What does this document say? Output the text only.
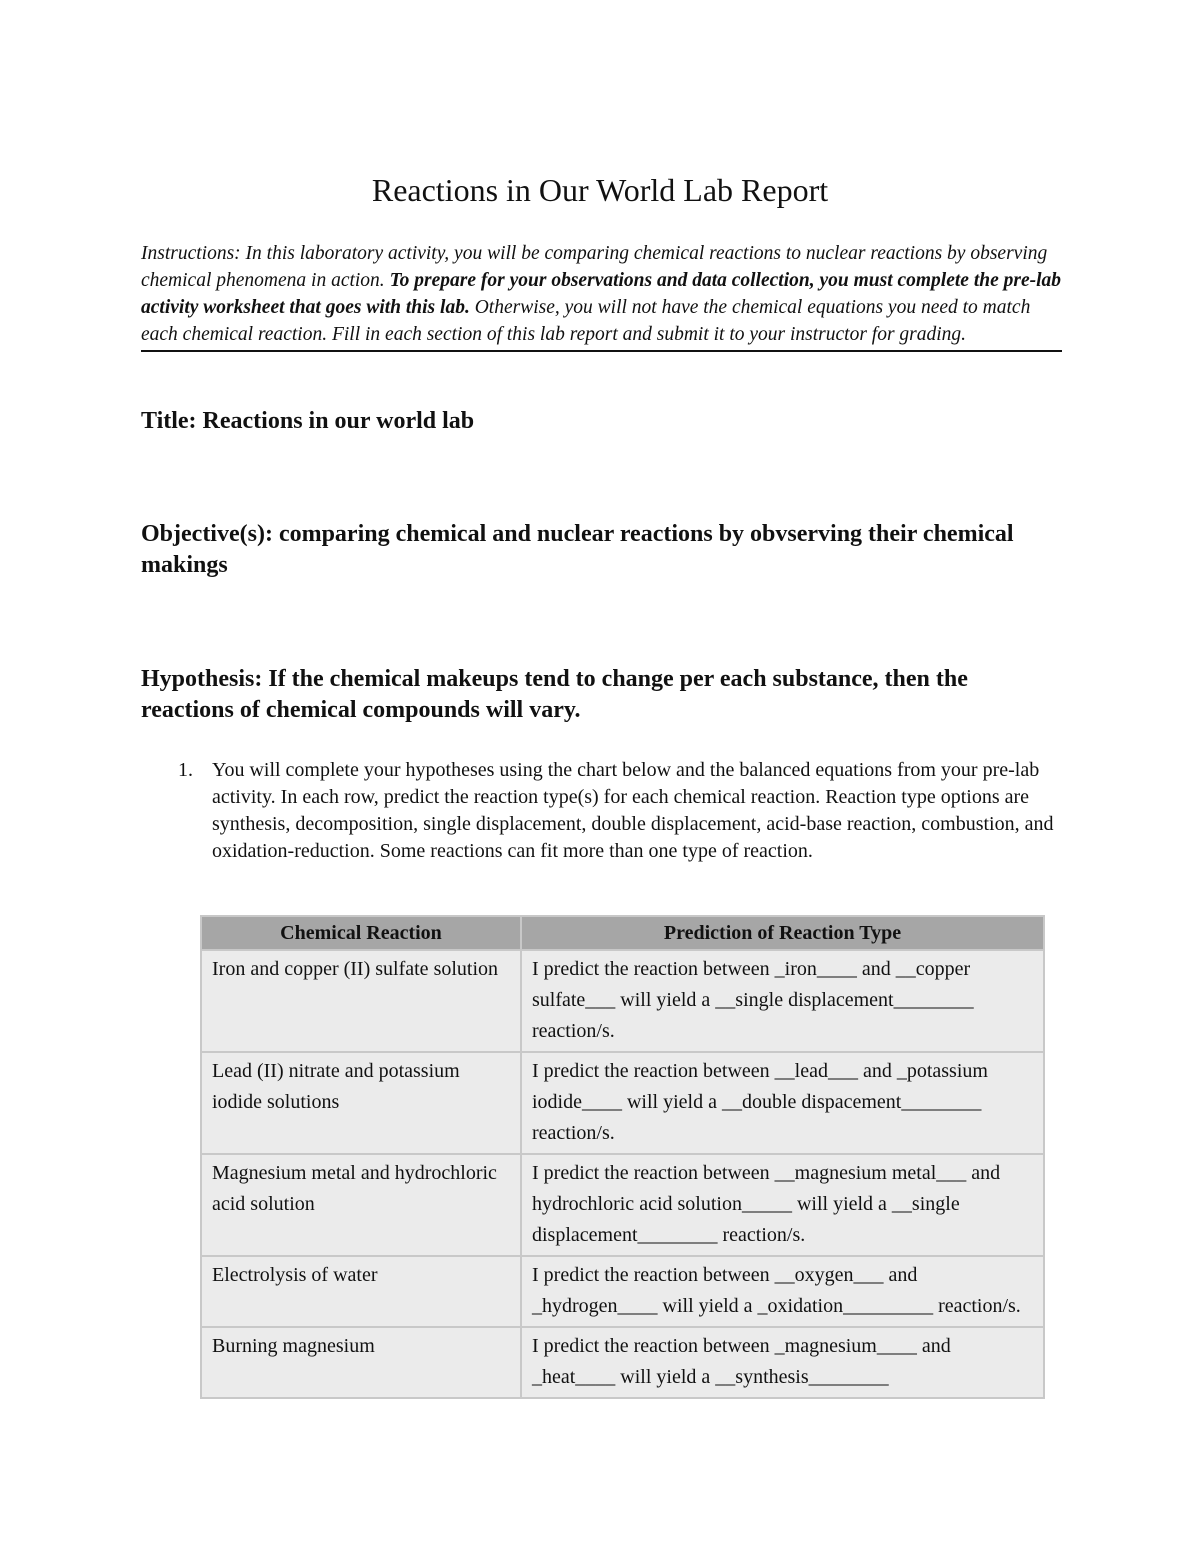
Reactions in Our World Lab Report

Instructions: In this laboratory activity, you will be comparing chemical reactions to nuclear reactions by observing chemical phenomena in action. To prepare for your observations and data collection, you must complete the pre-lab activity worksheet that goes with this lab. Otherwise, you will not have the chemical equations you need to match each chemical reaction. Fill in each section of this lab report and submit it to your instructor for grading.

Title: Reactions in our world lab

Objective(s): comparing chemical and nuclear reactions by obvserving their chemical makings

Hypothesis: If the chemical makeups tend to change per each substance, then the reactions of chemical compounds will vary.

1. You will complete your hypotheses using the chart below and the balanced equations from your pre-lab activity. In each row, predict the reaction type(s) for each chemical reaction. Reaction type options are synthesis, decomposition, single displacement, double displacement, acid-base reaction, combustion, and oxidation-reduction. Some reactions can fit more than one type of reaction.
Chemical Reaction	Prediction of Reaction Type
Iron and copper (II) sulfate solution	I predict the reaction between _iron____ and __copper sulfate___ will yield a __single displacement________ reaction/s.
Lead (II) nitrate and potassium iodide solutions	I predict the reaction between __lead___ and _potassium iodide____ will yield a __double dispacement________ reaction/s.
Magnesium metal and hydrochloric acid solution	I predict the reaction between __magnesium metal___ and hydrochloric acid solution_____ will yield a __single displacement________ reaction/s.
Electrolysis of water	I predict the reaction between __oxygen___ and _hydrogen____ will yield a _oxidation_________ reaction/s.
Burning magnesium	I predict the reaction between _magnesium____ and _heat____ will yield a __synthesis________
